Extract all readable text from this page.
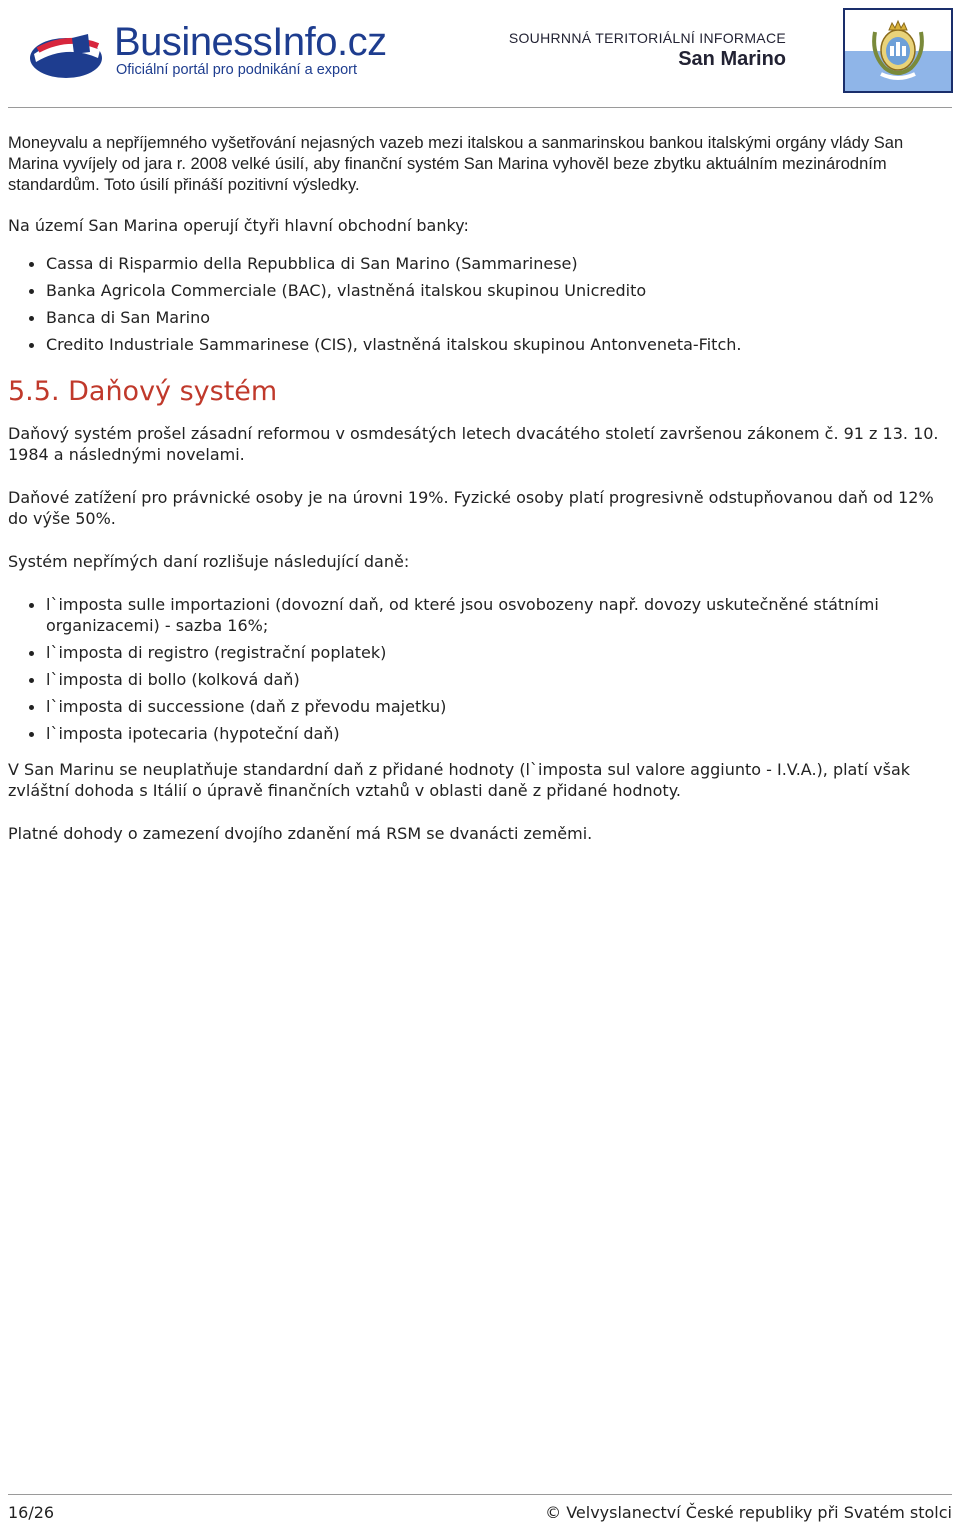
BusinessInfo.cz
Oficiální portál pro podnikání a export
SOUHRNNÁ TERITORIÁLNÍ INFORMACE
San Marino

Moneyvalu a nepříjemného vyšetřování nejasných vazeb mezi italskou a sanmarinskou bankou italskými orgány vlády San Marina vyvíjely od jara r. 2008 velké úsilí, aby finanční systém San Marina vyhověl beze zbytku aktuálním mezinárodním standardům. Toto úsilí přináší pozitivní výsledky.

Na území San Marina operují čtyři hlavní obchodní banky:

Cassa di Risparmio della Repubblica di San Marino (Sammarinese)
Banka Agricola Commerciale (BAC), vlastněná italskou skupinou Unicredito
Banca di San Marino
Credito Industriale Sammarinese (CIS), vlastněná italskou skupinou Antonveneta-Fitch.
5.5. Daňový systém

Daňový systém prošel zásadní reformou v osmdesátých letech dvacátého století završenou zákonem č. 91 z 13. 10. 1984 a následnými novelami.

Daňové zatížení pro právnické osoby je na úrovni 19%. Fyzické osoby platí progresivně odstupňovanou daň od 12% do výše 50%.

Systém nepřímých daní rozlišuje následující daně:

l`imposta sulle importazioni (dovozní daň, od které jsou osvobozeny např. dovozy uskutečněné státními organizacemi) - sazba 16%;
l`imposta di registro (registrační poplatek)
l`imposta di bollo (kolková daň)
l`imposta di successione (daň z převodu majetku)
l`imposta ipotecaria (hypoteční daň)

V San Marinu se neuplatňuje standardní daň z přidané hodnoty (l`imposta sul valore aggiunto - I.V.A.), platí však zvláštní dohoda s Itálií o úpravě finančních vztahů v oblasti daně z přidané hodnoty.

Platné dohody o zamezení dvojího zdanění má RSM se dvanácti zeměmi.

16/26	© Velvyslanectví České republiky při Svatém stolci
